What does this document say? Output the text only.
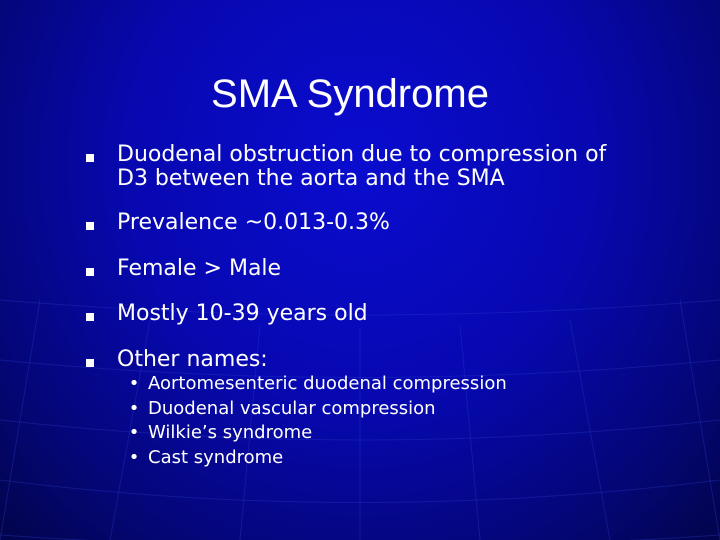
SMA Syndrome
Duodenal obstruction due to compression of
D3 between the aorta and the SMA
Prevalence ~0.013-0.3%
Female > Male
Mostly 10-39 years old
Other names:
• Aortomesenteric duodenal compression
• Duodenal vascular compression
• Wilkie’s syndrome
• Cast syndrome
